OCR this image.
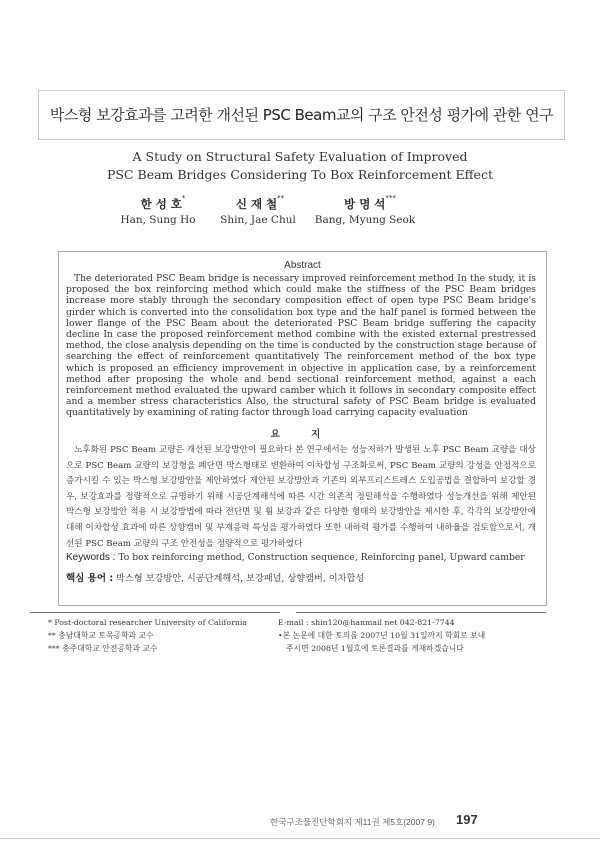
박스형 보강효과를 고려한 개선된 PSC Beam교의 구조 안전성 평가에 관한 연구
A Study on Structural Safety Evaluation of Improved
PSC Beam Bridges Considering To Box Reinforcement Effect
한 성 호*	신 재 철**	방 명 석***
Han, Sung Ho	Shin, Jae Chul	Bang, Myung Seok
Abstract
The deteriorated PSC Beam bridge is necessary improved reinforcement method In the study, it is proposed the box reinforcing method which could make the stiffness of the PSC Beam bridges increase more stably through the secondary composition effect of open type PSC Beam bridge's girder which is converted into the consolidation box type and the half panel is formed between the lower flange of the PSC Beam about the deteriorated PSC Beam bridge suffering the capacity decline In case the proposed reinforcement method combine with the existed external prestressed method, the close analysis depending on the time is conducted by the construction stage because of searching the effect of reinforcement quantitatively The reinforcement method of the box type which is proposed an efficiency improvement in objective in application case, by a reinforcement method after proposing the whole and bend sectional reinforcement method, against a each reinforcement method evaluated the upward camber which it follows in secondary composite effect and a member stress characteristics Also, the structural safety of PSC Beam bridge is evaluated quantitatively by examining of rating factor through load carrying capacity evaluation
요 지
노후화된 PSC Beam 교량은 개선된 보강방안이 필요하다 본 연구에서는 성능저하가 발생된 노후 PSC Beam 교량을 대상으로 PSC Beam 교량의 보강형을 폐단면 박스형태로 변환하여 이차합성 구조화로써, PSC Beam 교량의 강성을 안정적으로 증가시킬 수 있는 박스형 보강방안을 제안하였다 제안된 보강방안과 기존의 외부프리스트레스 도입공법을 결합하여 보강할 경우, 보강효과를 정량적으로 규명하기 위해 시공단계해석에 따른 시간 의존적 정밀해석을 수행하였다 성능개선을 위해 제안된 박스형 보강방안 적용 시 보강방법에 따라 전단면 및 휨 보강과 같은 다양한 형태의 보강방안을 제시한 후, 각각의 보강방안에 대해 이차합성 효과에 따른 상향캠버 및 부재응력 특성을 평가하였다 또한 내하력 평가를 수행하여 내하율을 검토함으로서, 개선된 PSC Beam 교량의 구조 안전성을 정량적으로 평가하였다
Keywords : To box reinforcing method, Construction sequence, Reinforcing panel, Upward camber
핵심 용어 : 박스형 보강방안, 시공단계해석, 보강패널, 상향캠버, 이차합성
* Post-doctoral researcher University of California
** 충남대학교 토목공학과 교수
*** 충주대학교 안전공학과 교수
E-mail : shin120@hanmail net 042-821-7744
•본 논문에 대한 토의를 2007년 10월 31일까지 학회로 보내
주시면 2008년 1월호에 토론결과를 게재하겠습니다
한국구조물진단학회지 제11권 제5호(2007 9) 197
